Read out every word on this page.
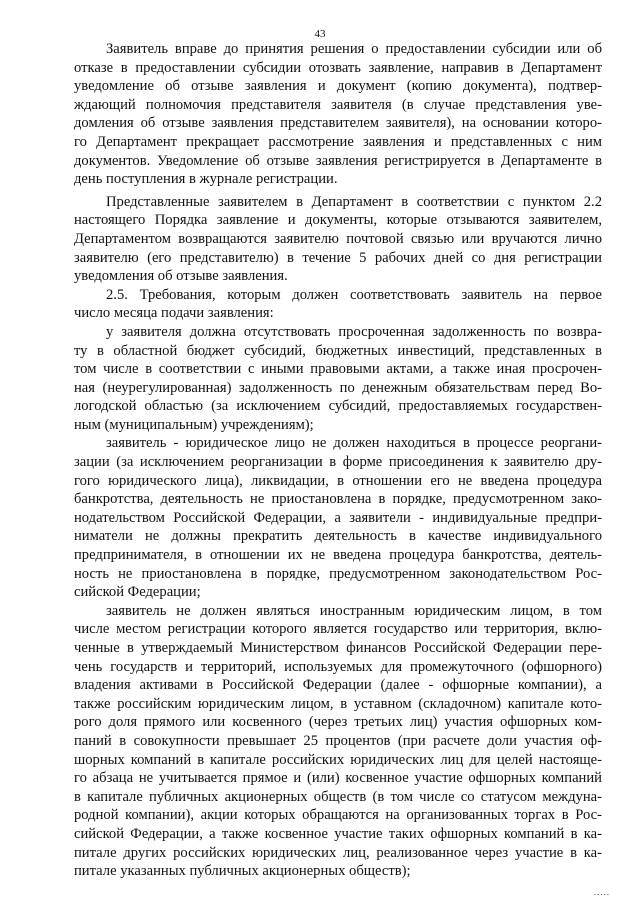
43
Заявитель вправе до принятия решения о предоставлении субсидии или об
отказе в предоставлении субсидии отозвать заявление, направив в Департамент
уведомление об отзыве заявления и документ (копию документа), подтвер-
ждающий полномочия представителя заявителя (в случае представления уве-
домления об отзыве заявления представителем заявителя), на основании которо-
го Департамент прекращает рассмотрение заявления и представленных с ним
документов. Уведомление об отзыве заявления регистрируется в Департаменте в
день поступления в журнале регистрации.
Представленные заявителем в Департамент в соответствии с пунктом 2.2
настоящего Порядка заявление и документы, которые отзываются заявителем,
Департаментом возвращаются заявителю почтовой связью или вручаются лично
заявителю (его представителю) в течение 5 рабочих дней со дня регистрации
уведомления об отзыве заявления.
2.5. Требования, которым должен соответствовать заявитель на первое
число месяца подачи заявления:
у заявителя должна отсутствовать просроченная задолженность по возвра-
ту в областной бюджет субсидий, бюджетных инвестиций, представленных в
том числе в соответствии с иными правовыми актами, а также иная просрочен-
ная (неурегулированная) задолженность по денежным обязательствам перед Во-
логодской областью (за исключением субсидий, предоставляемых государствен-
ным (муниципальным) учреждениям);
заявитель - юридическое лицо не должен находиться в процессе реоргани-
зации (за исключением реорганизации в форме присоединения к заявителю дру-
гого юридического лица), ликвидации, в отношении его не введена процедура
банкротства, деятельность не приостановлена в порядке, предусмотренном зако-
нодательством Российской Федерации, а заявители - индивидуальные предпри-
ниматели не должны прекратить деятельность в качестве индивидуального
предпринимателя, в отношении их не введена процедура банкротства, деятель-
ность не приостановлена в порядке, предусмотренном законодательством Рос-
сийской Федерации;
заявитель не должен являться иностранным юридическим лицом, в том
числе местом регистрации которого является государство или территория, вклю-
ченные в утверждаемый Министерством финансов Российской Федерации пере-
чень государств и территорий, используемых для промежуточного (офшорного)
владения активами в Российской Федерации (далее - офшорные компании), а
также российским юридическим лицом, в уставном (складочном) капитале кото-
рого доля прямого или косвенного (через третьих лиц) участия офшорных ком-
паний в совокупности превышает 25 процентов (при расчете доли участия оф-
шорных компаний в капитале российских юридических лиц для целей настояще-
го абзаца не учитывается прямое и (или) косвенное участие офшорных компаний
в капитале публичных акционерных обществ (в том числе со статусом междуна-
родной компании), акции которых обращаются на организованных торгах в Рос-
сийской Федерации, а также косвенное участие таких офшорных компаний в ка-
питале других российских юридических лиц, реализованное через участие в ка-
питале указанных публичных акционерных обществ);
.....
